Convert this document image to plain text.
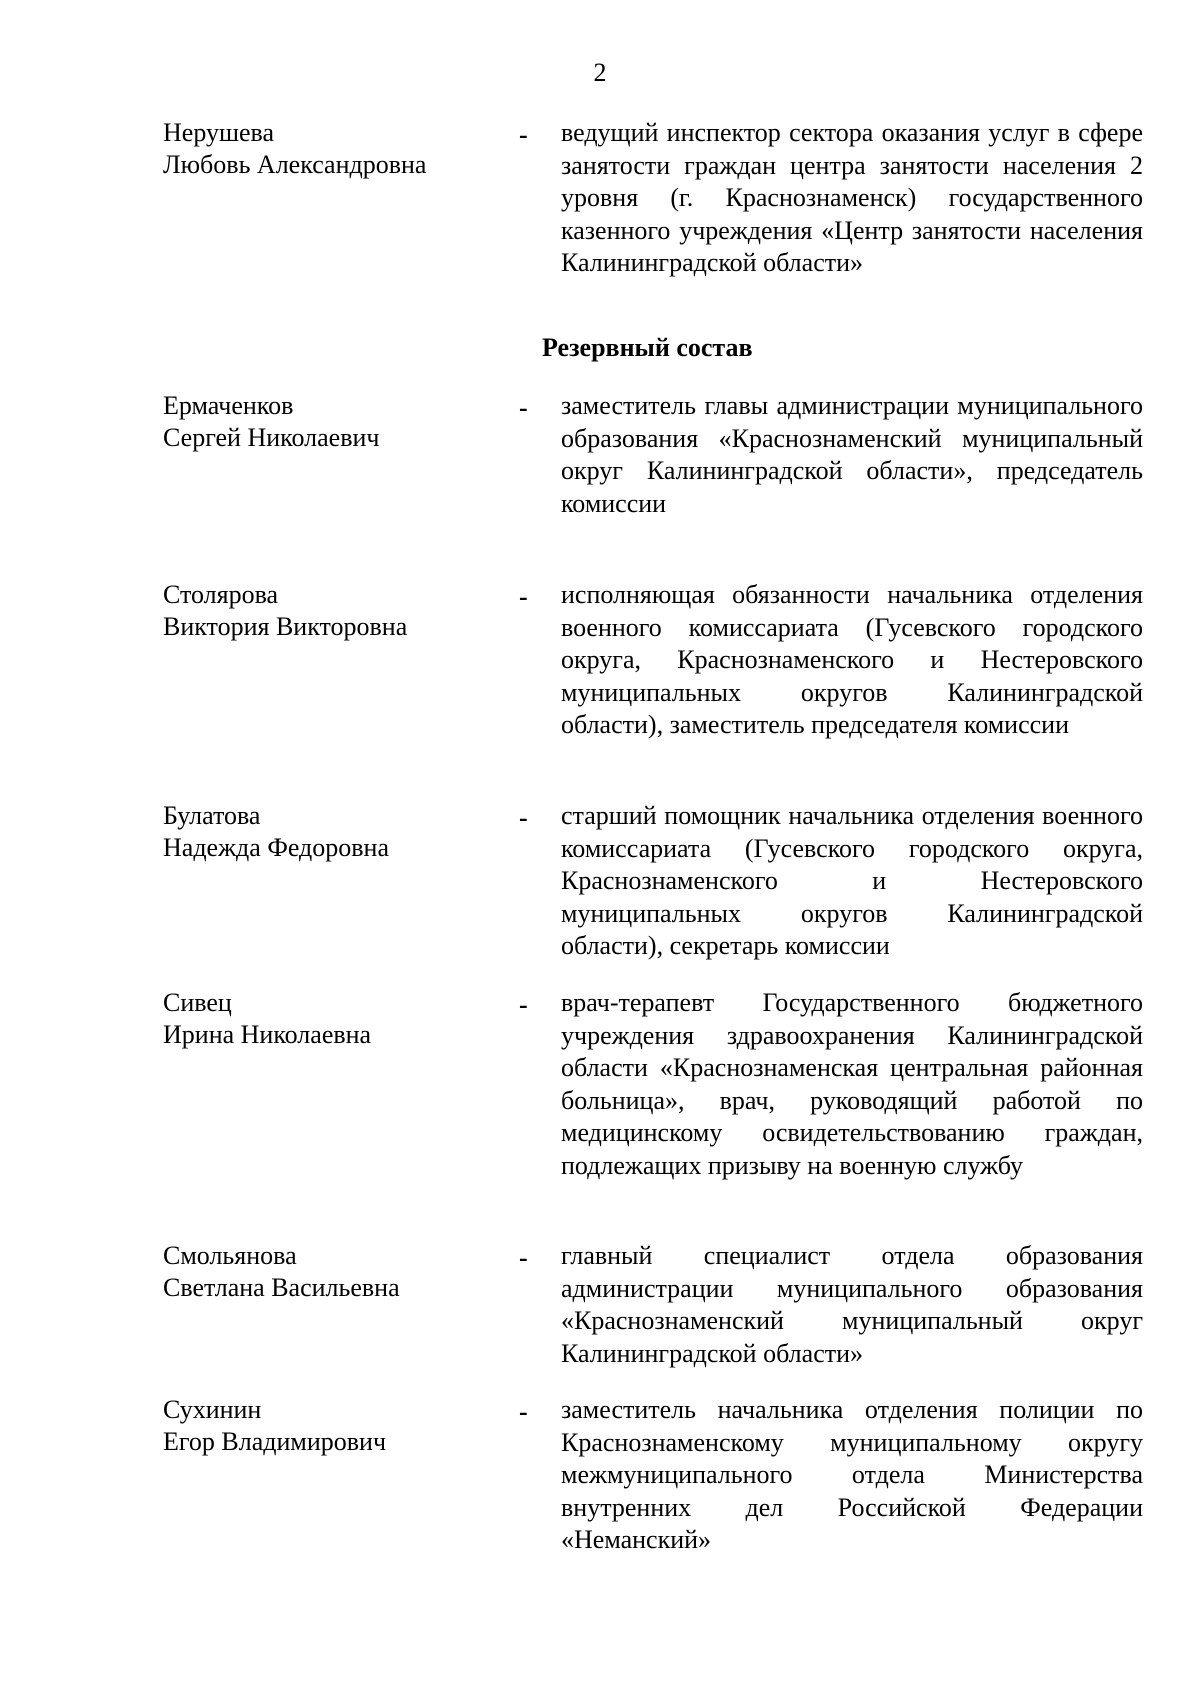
2
Нерушева
Любовь Александровна
- ведущий инспектор сектора оказания услуг в сфере занятости граждан центра занятости населения 2 уровня (г. Краснознаменск) государственного казенного учреждения «Центр занятости населения Калининградской области»
Резервный состав
Ермаченков
Сергей Николаевич
- заместитель главы администрации муниципального образования «Краснознаменский муниципальный округ Калининградской области», председатель комиссии
Столярова
Виктория Викторовна
- исполняющая обязанности начальника отделения военного комиссариата (Гусевского городского округа, Краснознаменского и Нестеровского муниципальных округов Калининградской области), заместитель председателя комиссии
Булатова
Надежда Федоровна
- старший помощник начальника отделения военного комиссариата (Гусевского городского округа, Краснознаменского и Нестеровского муниципальных округов Калининградской области), секретарь комиссии
Сивец
Ирина Николаевна
- врач-терапевт Государственного бюджетного учреждения здравоохранения Калининградской области «Краснознаменская центральная районная больница», врач, руководящий работой по медицинскому освидетельствованию граждан, подлежащих призыву на военную службу
Смольянова
Светлана Васильевна
- главный специалист отдела образования администрации муниципального образования «Краснознаменский муниципальный округ Калининградской области»
Сухинин
Егор Владимирович
- заместитель начальника отделения полиции по Краснознаменскому муниципальному округу межмуниципального отдела Министерства внутренних дел Российской Федерации «Неманский»
